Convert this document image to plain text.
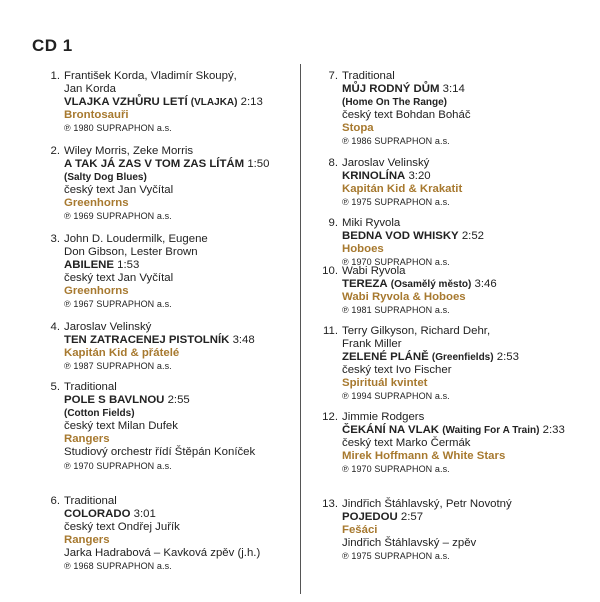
CD 1
1. František Korda, Vladimír Skoupý,
Jan Korda
VLAJKA VZHŮRU LETÍ (VLAJKA) 2:13
Brontosauři
℗ 1980 SUPRAPHON a.s.
2. Wiley Morris, Zeke Morris
A TAK JÁ ZAS V TOM ZAS LÍTÁM 1:50
(Salty Dog Blues)
český text Jan Vyčítal
Greenhorns
℗ 1969 SUPRAPHON a.s.
3. John D. Loudermilk, Eugene
Don Gibson, Lester Brown
ABILENE 1:53
český text Jan Vyčítal
Greenhorns
℗ 1967 SUPRAPHON a.s.
4. Jaroslav Velinský
TEN ZATRACENEJ PISTOLNÍK 3:48
Kapitán Kid & přátelé
℗ 1987 SUPRAPHON a.s.
5. Traditional
POLE S BAVLNOU 2:55
(Cotton Fields)
český text Milan Dufek
Rangers
Studiový orchestr řídí Štěpán Koníček
℗ 1970 SUPRAPHON a.s.
6. Traditional
COLORADO 3:01
český text Ondřej Juřík
Rangers
Jarka Hadrabová – Kavková zpěv (j.h.)
℗ 1968 SUPRAPHON a.s.
7. Traditional
MŮJ RODNÝ DŮM 3:14
(Home On The Range)
český text Bohdan Boháč
Stopa
℗ 1986 SUPRAPHON a.s.
8. Jaroslav Velinský
KRINOLÍNA 3:20
Kapitán Kid & Krakatit
℗ 1975 SUPRAPHON a.s.
9. Miki Ryvola
BEDNA VOD WHISKY 2:52
Hoboes
℗ 1970 SUPRAPHON a.s.
10. Wabi Ryvola
TEREZA (Osamělý město) 3:46
Wabi Ryvola & Hoboes
℗ 1981 SUPRAPHON a.s.
11. Terry Gilkyson, Richard Dehr,
Frank Miller
ZELENÉ PLÁNĚ (Greenfields) 2:53
český text Ivo Fischer
Spirituál kvintet
℗ 1994 SUPRAPHON a.s.
12. Jimmie Rodgers
ČEKÁNÍ NA VLAK (Waiting For A Train) 2:33
český text Marko Čermák
Mirek Hoffmann & White Stars
℗ 1970 SUPRAPHON a.s.
13. Jindřich Štáhlavský, Petr Novotný
POJEDOU 2:57
Fešáci
Jindřich Štáhlavský – zpěv
℗ 1975 SUPRAPHON a.s.
